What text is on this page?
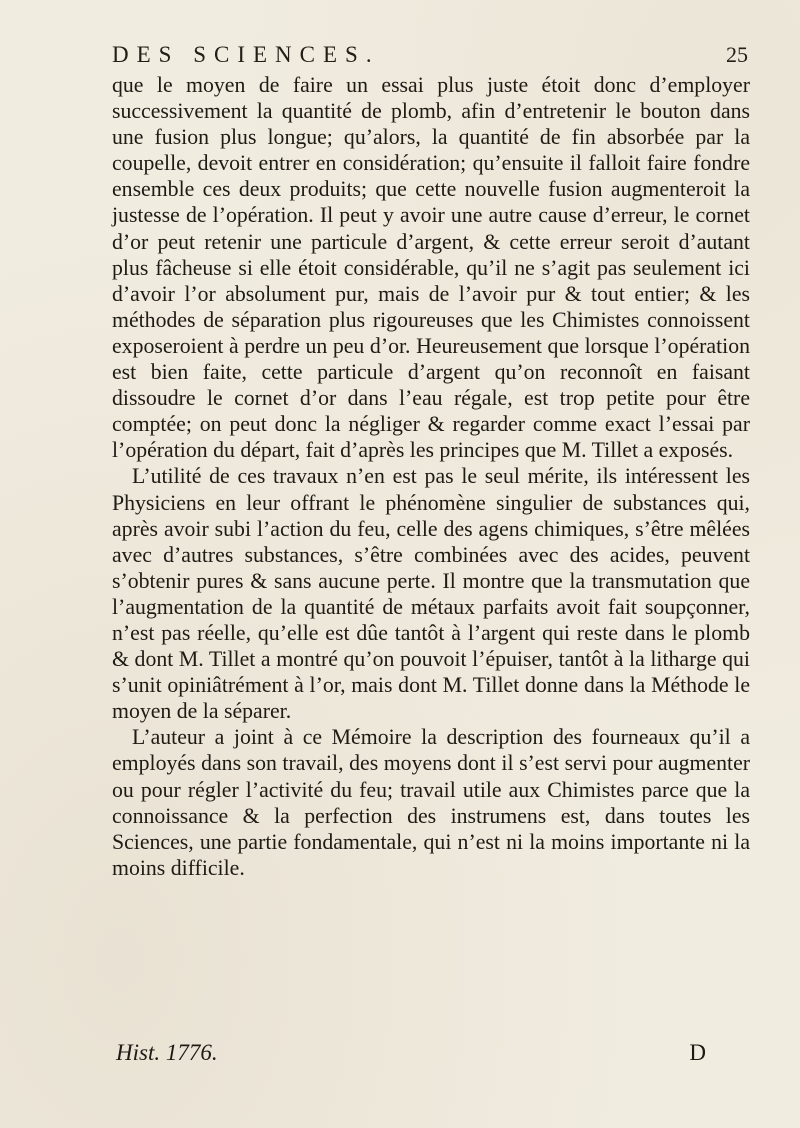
DES SCIENCES.	25

que le moyen de faire un essai plus juste étoit donc d’employer successivement la quantité de plomb, afin d’entretenir le bouton dans une fusion plus longue; qu’alors, la quantité de fin absorbée par la coupelle, devoit entrer en considération; qu’ensuite il falloit faire fondre ensemble ces deux produits; que cette nouvelle fusion augmenteroit la justesse de l’opération. Il peut y avoir une autre cause d’erreur, le cornet d’or peut retenir une particule d’argent, & cette erreur seroit d’autant plus fâcheuse si elle étoit considérable, qu’il ne s’agit pas seulement ici d’avoir l’or absolument pur, mais de l’avoir pur & tout entier; & les méthodes de séparation plus rigoureuses que les Chimistes connoissent exposeroient à perdre un peu d’or. Heureusement que lorsque l’opération est bien faite, cette particule d’argent qu’on reconnoît en faisant dissoudre le cornet d’or dans l’eau régale, est trop petite pour être comptée; on peut donc la négliger & regarder comme exact l’essai par l’opération du départ, fait d’après les principes que M. Tillet a exposés.

L’utilité de ces travaux n’en est pas le seul mérite, ils intéressent les Physiciens en leur offrant le phénomène singulier de substances qui, après avoir subi l’action du feu, celle des agens chimiques, s’être mêlées avec d’autres substances, s’être combinées avec des acides, peuvent s’obtenir pures & sans aucune perte. Il montre que la transmutation que l’augmentation de la quantité de métaux parfaits avoit fait soupçonner, n’est pas réelle, qu’elle est dûe tantôt à l’argent qui reste dans le plomb & dont M. Tillet a montré qu’on pouvoit l’épuiser, tantôt à la litharge qui s’unit opiniâtrément à l’or, mais dont M. Tillet donne dans la Méthode le moyen de la séparer.

L’auteur a joint à ce Mémoire la description des fourneaux qu’il a employés dans son travail, des moyens dont il s’est servi pour augmenter ou pour régler l’activité du feu; travail utile aux Chimistes parce que la connoissance & la perfection des instrumens est, dans toutes les Sciences, une partie fondamentale, qui n’est ni la moins importante ni la moins difficile.

Hist. 1776.	D
